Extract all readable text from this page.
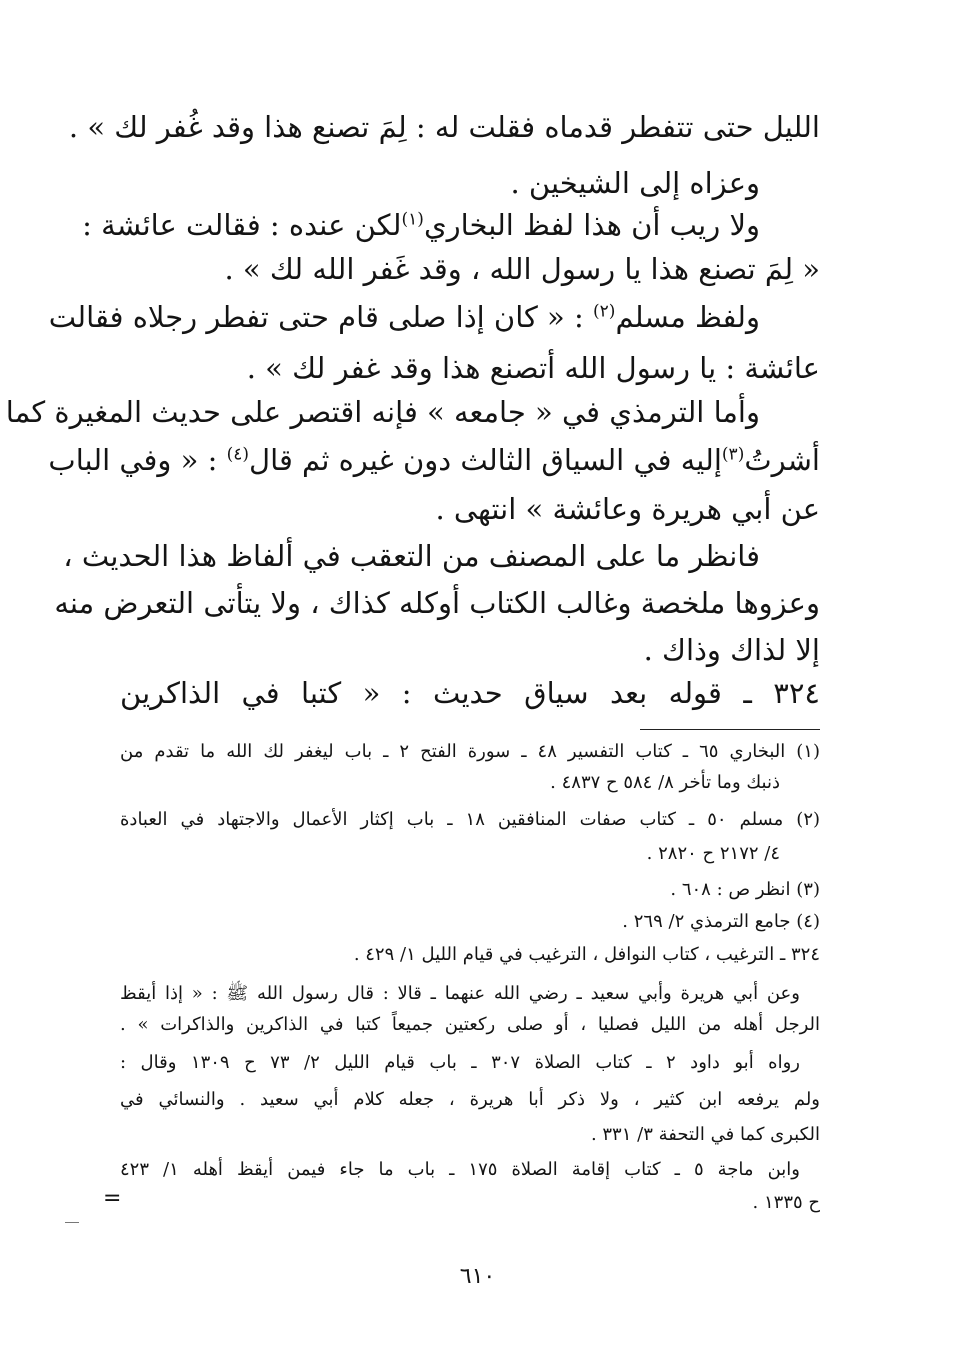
الليل حتى تتفطر قدماه فقلت له : لِمَ تصنع هذا وقد غُفر لك » .
وعزاه إلى الشيخين .
ولا ريب أن هذا لفظ البخاري$^{(١)}$لكن عنده : فقالت عائشة :
« لِمَ تصنع هذا يا رسول الله ، وقد غَفر الله لك » .
ولفظ مسلم$^{(٢)}$ : « كان إذا صلى قام حتى تفطر رجلاه فقالت
عائشة : يا رسول الله أتصنع هذا وقد غفر لك » .
وأما الترمذي في « جامعه » فإنه اقتصر على حديث المغيرة كما
أشرتُ$^{(٣)}$إليه في السياق الثالث دون غيره ثم قال$^{(٤)}$ : « وفي الباب
عن أبي هريرة وعائشة » انتهى .
فانظر ما على المصنف من التعقب في ألفاظ هذا الحديث ،
وعزوها ملخصة وغالب الكتاب أوكله كذاك ، ولا يتأتى التعرض منه
إلا لذاك وذاك .
٣٢٤ ـ قوله بعد سياق حديث : « كتبا في الذاكرين
(١) البخاري ٦٥ ـ كتاب التفسير ٤٨ ـ سورة الفتح ٢ ـ باب ليغفر لك الله ما تقدم من
ذنبك وما تأخر ٨/ ٥٨٤ ح ٤٨٣٧ .
(٢) مسلم ٥٠ ـ كتاب صفات المنافقين ١٨ ـ باب إكثار الأعمال والاجتهاد في العبادة
٤/ ٢١٧٢ ح ٢٨٢٠ .
(٣) انظر ص : ٦٠٨ .
(٤) جامع الترمذي ٢/ ٢٦٩ .
٣٢٤ ـ الترغيب ، كتاب النوافل ، الترغيب في قيام الليل ١/ ٤٢٩ .
وعن أبي هريرة وأبي سعيد ـ رضي الله عنهما ـ قالا : قال رسول الله ﷺ : « إذا أيقظ
الرجل أهله من الليل فصليا ، أو صلى ركعتين جميعاً كتبا في الذاكرين والذاكرات » .
رواه أبو داود ٢ ـ كتاب الصلاة ٣٠٧ ـ باب قيام الليل ٢/ ٧٣ ح ١٣٠٩ وقال :
ولم يرفعه ابن كثير ، ولا ذكر أبا هريرة ، جعله كلام أبي سعيد . والنسائي في
الكبرى كما في التحفة ٣/ ٣٣١ .
وابن ماجة ٥ ـ كتاب إقامة الصلاة ١٧٥ ـ باب ما جاء فيمن أيقظ أهله ١/ ٤٢٣
ح ١٣٣٥ .
=
٦١٠
